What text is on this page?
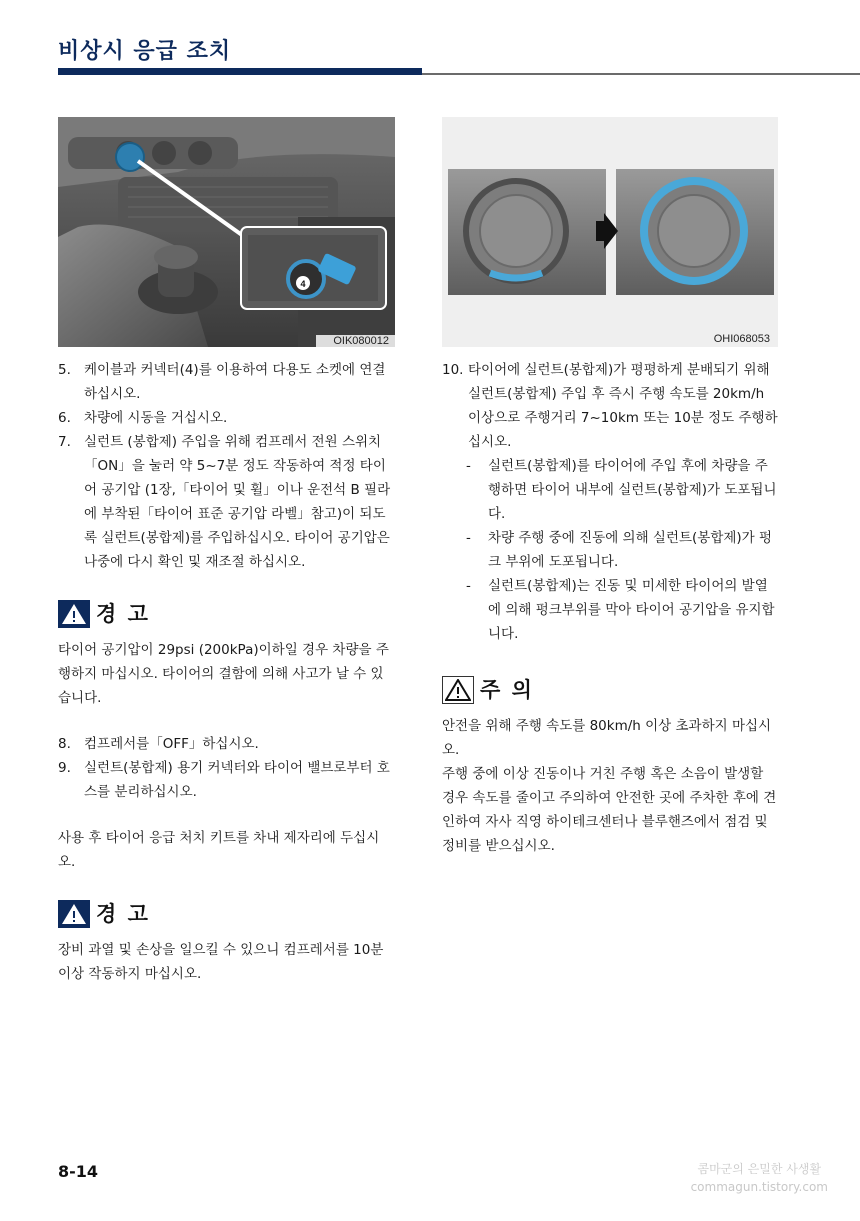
비상시 응급 조치
4
OIK080012	OHI068053
5. 케이블과 커넥터(4)를 이용하여 다용도 소켓에 연결하십시오.
6. 차량에 시동을 거십시오.
7. 실런트 (봉합제) 주입을 위해 컴프레서 전원 스위치「ON」을 눌러 약 5~7분 정도 작동하여 적정 타이어 공기압 (1장,「타이어 및 휠」이나 운전석 B 필라에 부착된「타이어 표준 공기압 라벨」참고)이 되도록 실런트(봉합제)를 주입하십시오. 타이어 공기압은 나중에 다시 확인 및 재조절 하십시오.
경 고

타이어 공기압이 29psi (200kPa)이하일 경우 차량을 주행하지 마십시오. 타이어의 결함에 의해 사고가 날 수 있습니다.

8. 컴프레서를「OFF」하십시오.
9. 실런트(봉합제) 용기 커넥터와 타이어 밸브로부터 호스를 분리하십시오.

사용 후 타이어 응급 처치 키트를 차내 제자리에 두십시오.

경 고

장비 과열 및 손상을 일으킬 수 있으니 컴프레서를 10분 이상 작동하지 마십시오.

10. 타이어에 실런트(봉합제)가 평평하게 분배되기 위해 실런트(봉합제) 주입 후 즉시 주행 속도를 20km/h 이상으로 주행거리 7~10km 또는 10분 정도 주행하십시오.
- 실런트(봉합제)를 타이어에 주입 후에 차량을 주행하면 타이어 내부에 실런트(봉합제)가 도포됩니다.
- 차량 주행 중에 진동에 의해 실런트(봉합제)가 펑크 부위에 도포됩니다.
- 실런트(봉합제)는 진동 및 미세한 타이어의 발열에 의해 펑크부위를 막아 타이어 공기압을 유지합니다.
주 의

안전을 위해 주행 속도를 80km/h 이상 초과하지 마십시오.

주행 중에 이상 진동이나 거친 주행 혹은 소음이 발생할 경우 속도를 줄이고 주의하여 안전한 곳에 주차한 후에 견인하여 자사 직영 하이테크센터나 블루핸즈에서 점검 및 정비를 받으십시오.

8-14	콤마군의 은밀한 사생활
commagun.tistory.com
